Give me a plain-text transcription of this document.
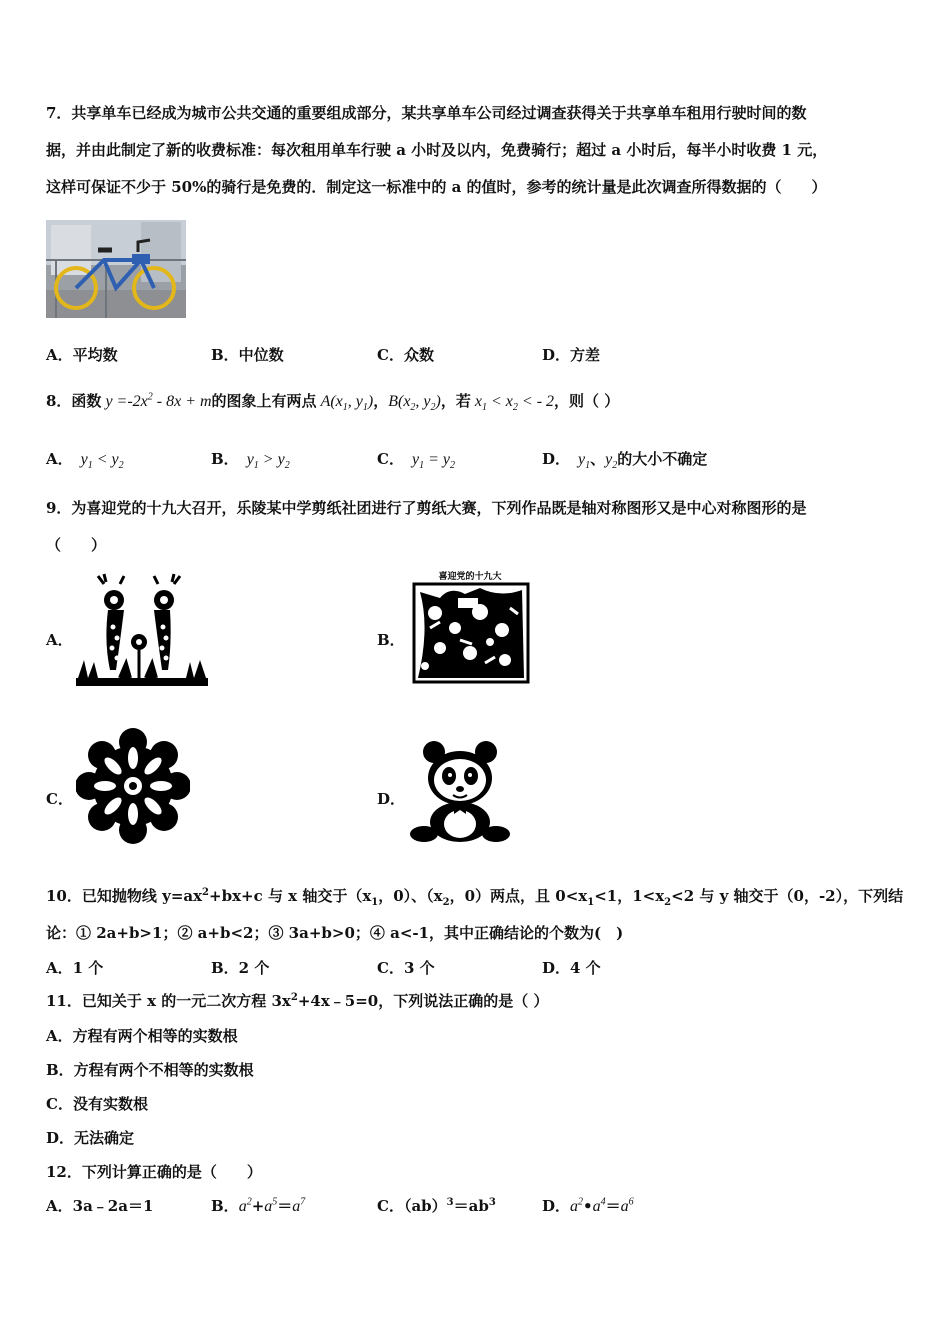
7．共享单车已经成为城市公共交通的重要组成部分，某共享单车公司经过调查获得关于共享单车租用行驶时间的数
据，并由此制定了新的收费标准：每次租用单车行驶 a 小时及以内，免费骑行；超过 a 小时后，每半小时收费 1 元，
这样可保证不少于 50%的骑行是免费的．制定这一标准中的 a 的值时，参考的统计量是此次调查所得数据的（　　）
A．平均数	B．中位数	C．众数	D．方差
8．函数 $y =-2x^2 - 8x + m$的图象上有两点 $A(x_1$, $y_1$)，$B(x_2$, $y_2$)，若 $x_1 < x_2$ < - 2，则（ ）
A．  $y_1 < y_2$	B．  $y_1 > y_2$	C．  $y_1 = y_2$	D．  $y_1$、$y_2$的大小不确定
9．为喜迎党的十九大召开，乐陵某中学剪纸社团进行了剪纸大赛，下列作品既是轴对称图形又是中心对称图形的是
（　　）
A．	B．
喜迎党的十九大
C．	D．
10．已知抛物线 $y=ax^2+bx+c$ 与 x 轴交于（$x_1$，0）、（$x_2$，0）两点，且 $0<x_1<1$，$1<x_2<2$ 与 y 轴交于（0，-2），下列结
论：① 2a+b>1；② a+b<2；③ 3a+b>0；④ a<-1，其中正确结论的个数为(　)
A．1 个	B．2 个	C．3 个	D．4 个
11．已知关于 x 的一元二次方程 $3x^2+4x﹣5=0$，下列说法正确的是（ ）
A．方程有两个相等的实数根
B．方程有两个不相等的实数根
C．没有实数根
D．无法确定
12．下列计算正确的是（　　）
A．3a﹣2a＝1	B．$a^2+a^5=a^7$	C．$(ab)^3=ab^3$	D．$a^2•a^4=a^6$
